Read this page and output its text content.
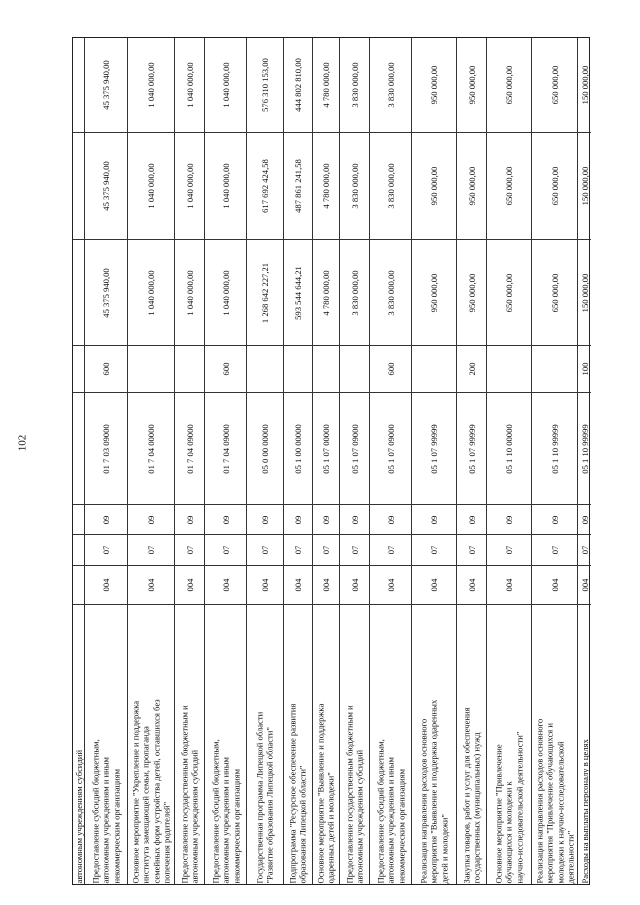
102
автономным учреждениям субсидий
45 375 940,00
45 375 940,00
45 375 940,00
600
01 7 03 09000
09
07
004
Предоставление субсидий бюджетным,
автономным учреждениям и иным
некоммерческим организациям
1 040 000,00
1 040 000,00
1 040 000,00
01 7 04 00000
09
07
004
Основное мероприятие "Укрепление и поддержка
института замещающей семьи, пропаганда
семейных форм устройства детей, оставшихся без
попечения родителей"
1 040 000,00
1 040 000,00
1 040 000,00
01 7 04 09000
09
07
004
Предоставление государственным бюджетным и
автономным учреждениям субсидий
1 040 000,00
1 040 000,00
1 040 000,00
600
01 7 04 09000
09
07
004
Предоставление субсидий бюджетным,
автономным учреждениям и иным
некоммерческим организациям
576 310 153,00
617 692 424,58
1 268 642 227,21
05 0 00 00000
09
07
004
Государственная программа Липецкой области
"Развитие образования Липецкой области"
444 802 810,00
487 861 241,58
593 544 644,21
05 1 00 00000
09
07
004
Подпрограмма "Ресурсное обеспечение развития
образования Липецкой области"
4 780 000,00
4 780 000,00
4 780 000,00
05 1 07 00000
09
07
004
Основное мероприятие "Выявление и поддержка
одаренных детей и молодежи"
3 830 000,00
3 830 000,00
3 830 000,00
05 1 07 09000
09
07
004
Предоставление государственным бюджетным и
автономным учреждениям субсидий
3 830 000,00
3 830 000,00
3 830 000,00
600
05 1 07 09000
09
07
004
Предоставление субсидий бюджетным,
автономным учреждениям и иным
некоммерческим организациям
950 000,00
950 000,00
950 000,00
05 1 07 99999
09
07
004
Реализация направления расходов основного
мероприятия "Выявление и поддержка одаренных
детей и молодежи"
950 000,00
950 000,00
950 000,00
200
05 1 07 99999
09
07
004
Закупка товаров, работ и услуг для обеспечения
государственных (муниципальных) нужд
650 000,00
650 000,00
650 000,00
05 1 10 00000
09
07
004
Основное мероприятие "Привлечение
обучающихся и молодежи к
научно-исследовательской деятельности"
650 000,00
650 000,00
650 000,00
05 1 10 99999
09
07
004
Реализация направления расходов основного
мероприятия "Привлечение обучающихся и
молодежи к научно-исследовательской
деятельности"
150 000,00
150 000,00
150 000,00
100
05 1 10 99999
09
07
004
Расходы на выплаты персоналу в целях
